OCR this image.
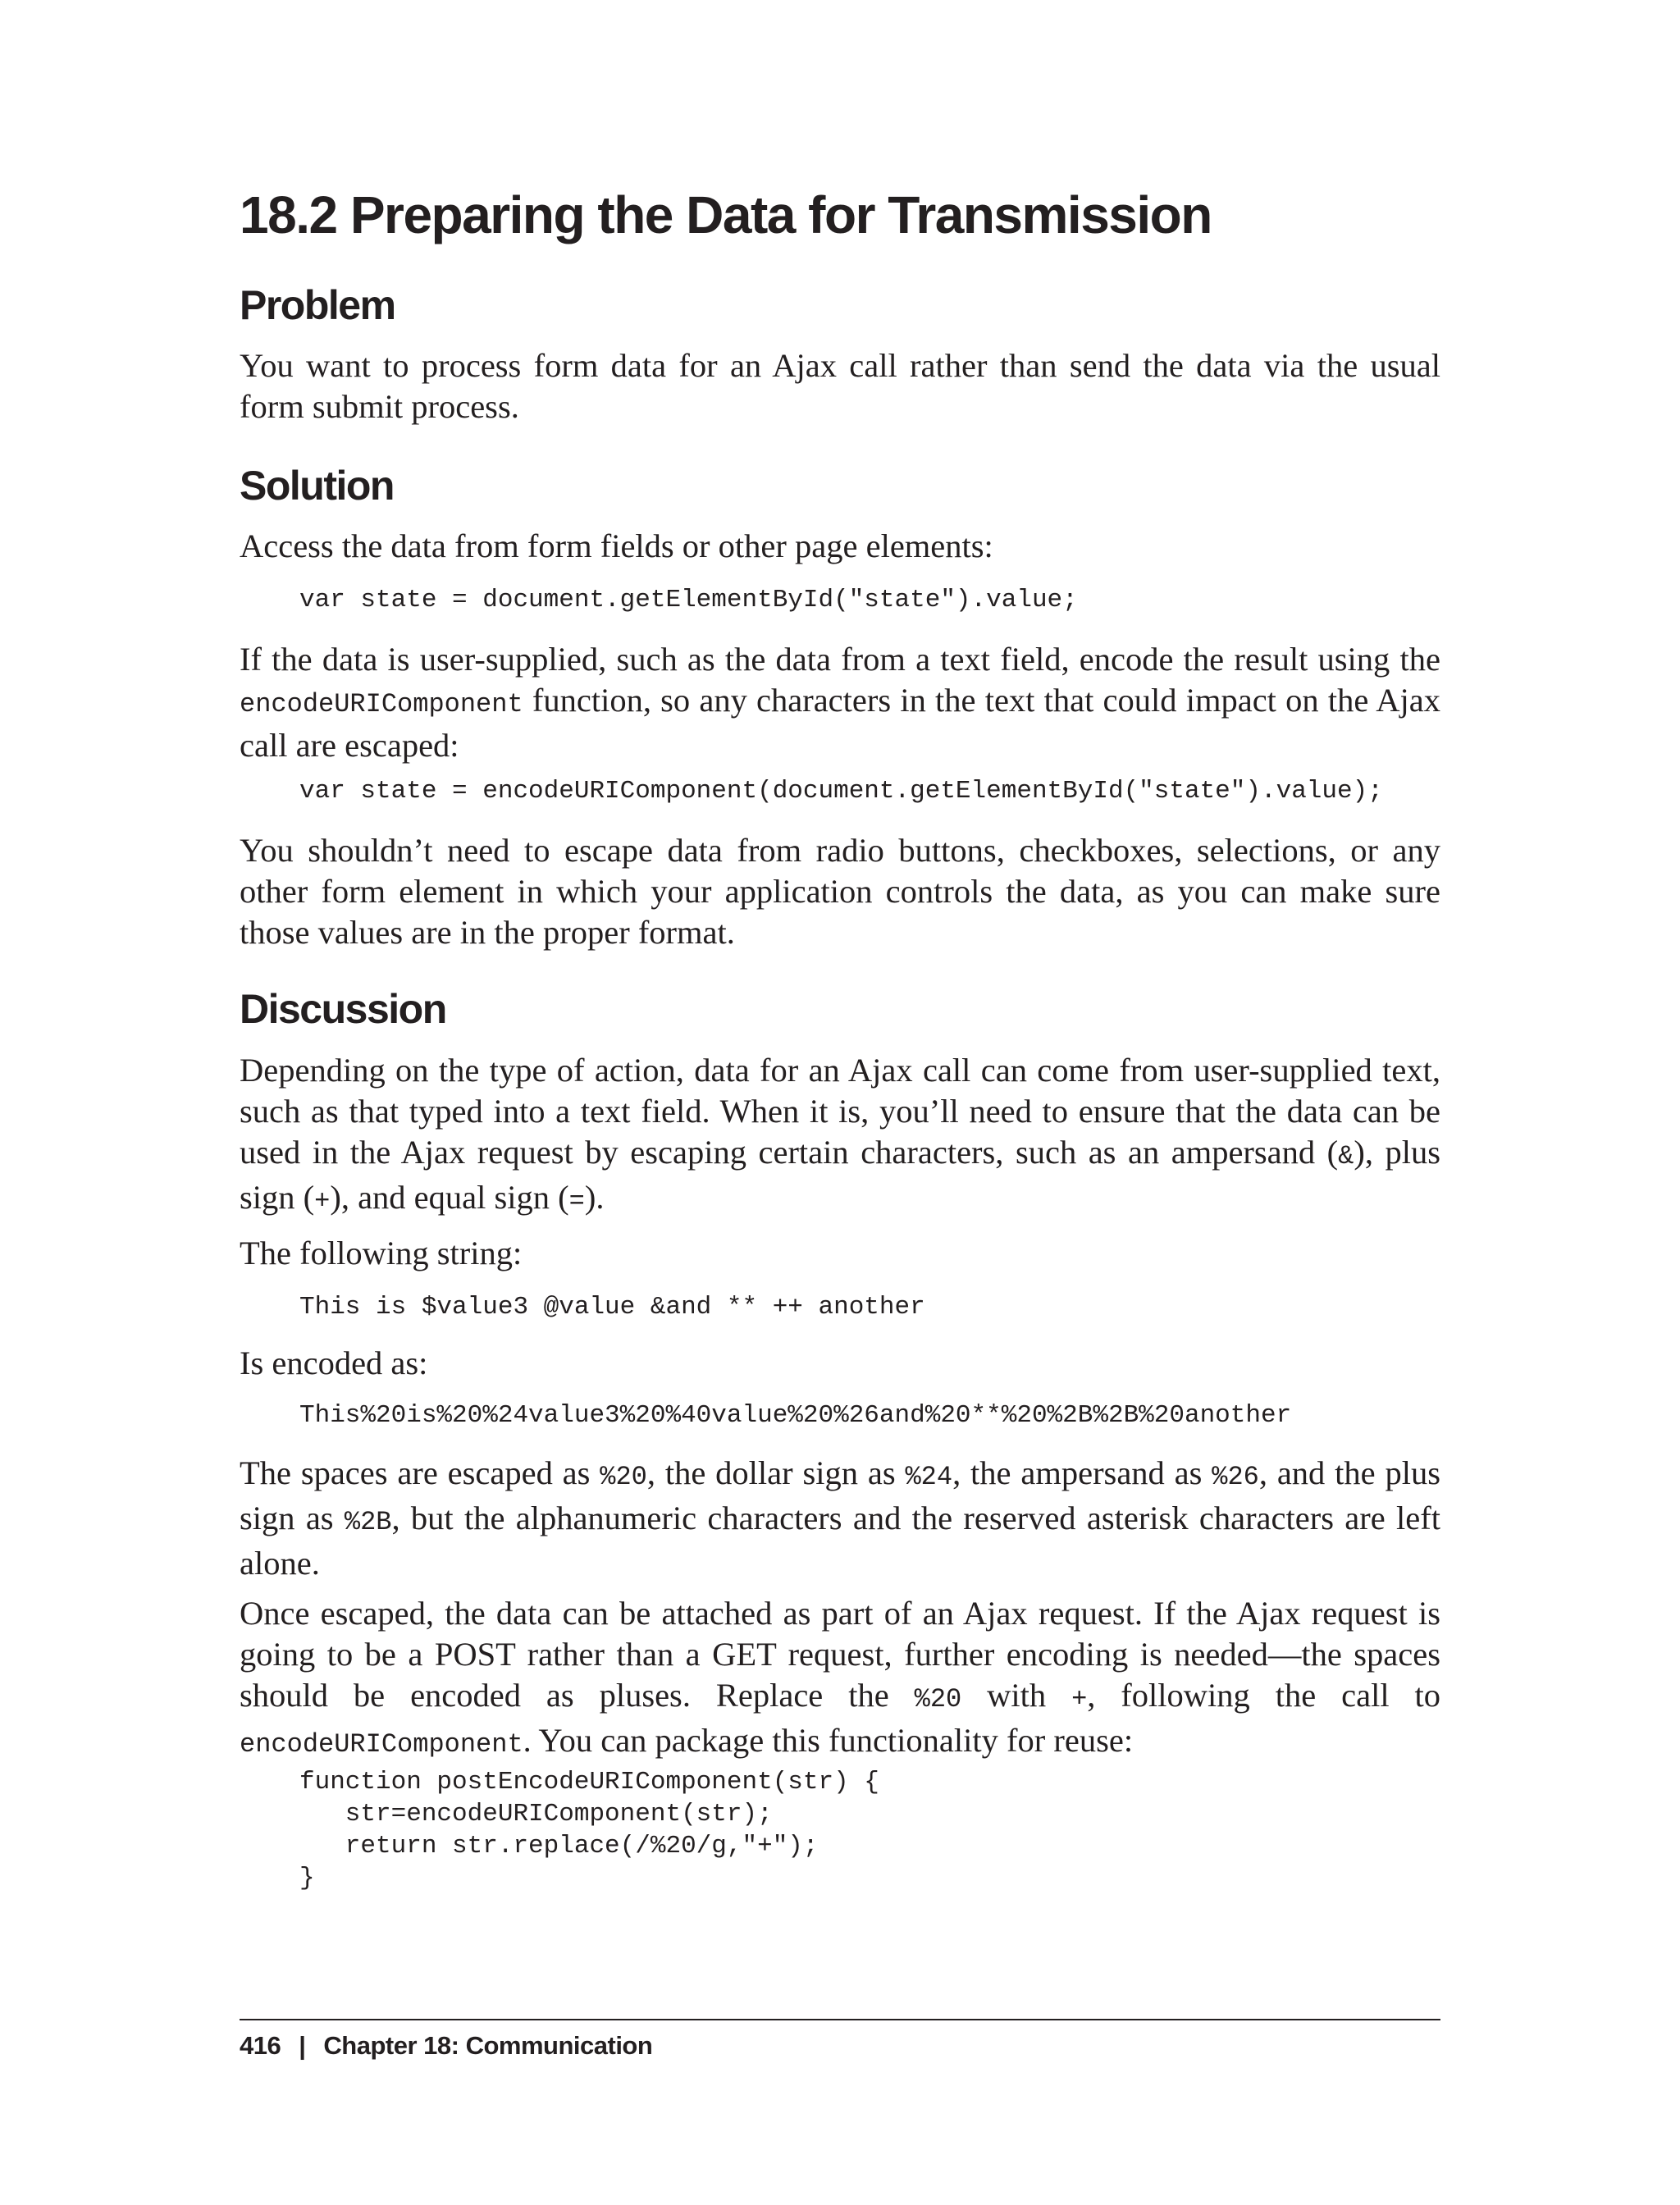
18.2 Preparing the Data for Transmission
Problem

You want to process form data for an Ajax call rather than send the data via the usual form submit process.

Solution

Access the data from form fields or other page elements:

var state = document.getElementById("state").value;

If the data is user-supplied, such as the data from a text field, encode the result using the encodeURIComponent function, so any characters in the text that could impact on the Ajax call are escaped:

var state = encodeURIComponent(document.getElementById("state").value);

You shouldn’t need to escape data from radio buttons, checkboxes, selections, or any other form element in which your application controls the data, as you can make sure those values are in the proper format.

Discussion

Depending on the type of action, data for an Ajax call can come from user-supplied text, such as that typed into a text field. When it is, you’ll need to ensure that the data can be used in the Ajax request by escaping certain characters, such as an ampersand (&), plus sign (+), and equal sign (=).

The following string:

This is $value3 @value &and ** ++ another

Is encoded as:

This%20is%20%24value3%20%40value%20%26and%20**%20%2B%2B%20another

The spaces are escaped as %20, the dollar sign as %24, the ampersand as %26, and the plus sign as %2B, but the alphanumeric characters and the reserved asterisk characters are left alone.

Once escaped, the data can be attached as part of an Ajax request. If the Ajax request is going to be a POST rather than a GET request, further encoding is needed—the spaces should be encoded as pluses. Replace the %20 with +, following the call to encodeURIComponent. You can package this functionality for reuse:

function postEncodeURIComponent(str) {
str=encodeURIComponent(str);
return str.replace(/%20/g,"+");
}
416 | Chapter 18: Communication
